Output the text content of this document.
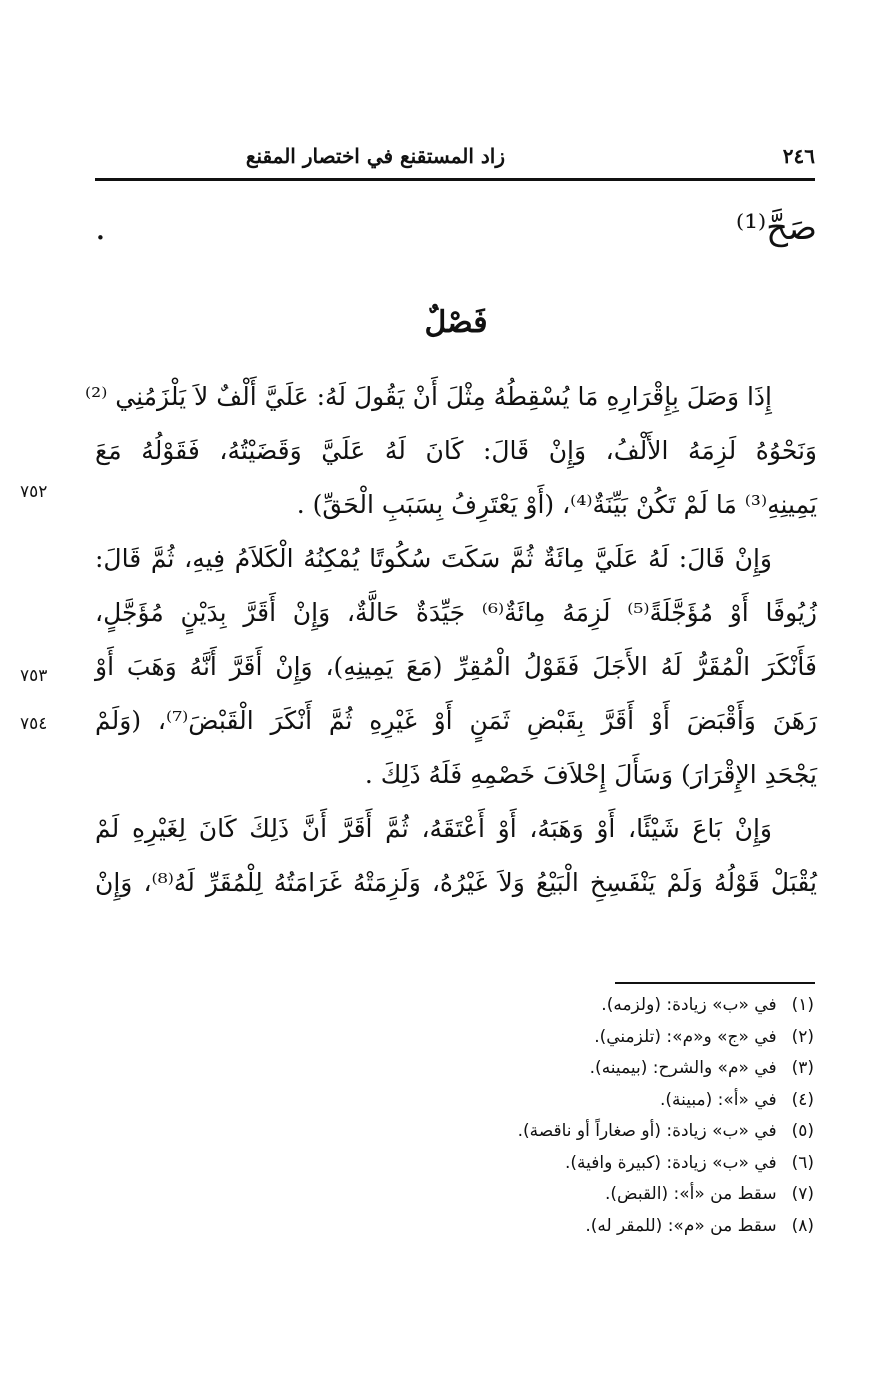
زاد المستقنع في اختصار المقنع	٢٤٦
صَحَّ⁽¹⁾ .
فَصْلٌ
إِذَا وَصَلَ بِإِقْرَارِهِ مَا يُسْقِطُهُ مِثْلَ أَنْ يَقُولَ لَهُ: عَلَيَّ أَلْفٌ لاَ يَلْزَمُنِي ⁽²⁾
وَنَحْوُهُ لَزِمَهُ الأَلْفُ، وَإِنْ قَالَ: كَانَ لَهُ عَلَيَّ وَقَضَيْتُهُ، فَقَوْلُهُ مَعَ
يَمِينِهِ⁽³⁾ مَا لَمْ تَكُنْ بَيِّنَةٌ⁽⁴⁾، (أَوْ يَعْتَرِفُ بِسَبَبِ الْحَقِّ) .
وَإِنْ قَالَ: لَهُ عَلَيَّ مِائَةٌ ثُمَّ سَكَتَ سُكُوتًا يُمْكِنُهُ الْكَلاَمُ فِيهِ، ثُمَّ قَالَ:
زُيُوفًا أَوْ مُؤَجَّلَةً⁽⁵⁾ لَزِمَهُ مِائَةٌ⁽⁶⁾ جَيِّدَةٌ حَالَّةٌ، وَإِنْ أَقَرَّ بِدَيْنٍ مُؤَجَّلٍ،
فَأَنْكَرَ الْمُقَرُّ لَهُ الأَجَلَ فَقَوْلُ الْمُقِرِّ (مَعَ يَمِينِهِ)، وَإِنْ أَقَرَّ أَنَّهُ وَهَبَ أَوْ
رَهَنَ وَأَقْبَضَ أَوْ أَقَرَّ بِقَبْضِ ثَمَنٍ أَوْ غَيْرِهِ ثُمَّ أَنْكَرَ الْقَبْضَ⁽⁷⁾، (وَلَمْ
يَجْحَدِ الإِقْرَارَ) وَسَأَلَ إِحْلاَفَ خَصْمِهِ فَلَهُ ذَلِكَ .
وَإِنْ بَاعَ شَيْئًا، أَوْ وَهَبَهُ، أَوْ أَعْتَقَهُ، ثُمَّ أَقَرَّ أَنَّ ذَلِكَ كَانَ لِغَيْرِهِ لَمْ
يُقْبَلْ قَوْلُهُ وَلَمْ يَنْفَسِخِ الْبَيْعُ وَلاَ غَيْرُهُ، وَلَزِمَتْهُ غَرَامَتُهُ لِلْمُقَرِّ لَهُ⁽⁸⁾، وَإِنْ
٧٥٢
٧٥٣
٧٥٤
(١) في «ب» زيادة: (ولزمه).
(٢) في «ج» و«م»: (تلزمني).
(٣) في «م» والشرح: (بيمينه).
(٤) في «أ»: (مبينة).
(٥) في «ب» زيادة: (أو صغاراً أو ناقصة).
(٦) في «ب» زيادة: (كبيرة وافية).
(٧) سقط من «أ»: (القبض).
(٨) سقط من «م»: (للمقر له).
